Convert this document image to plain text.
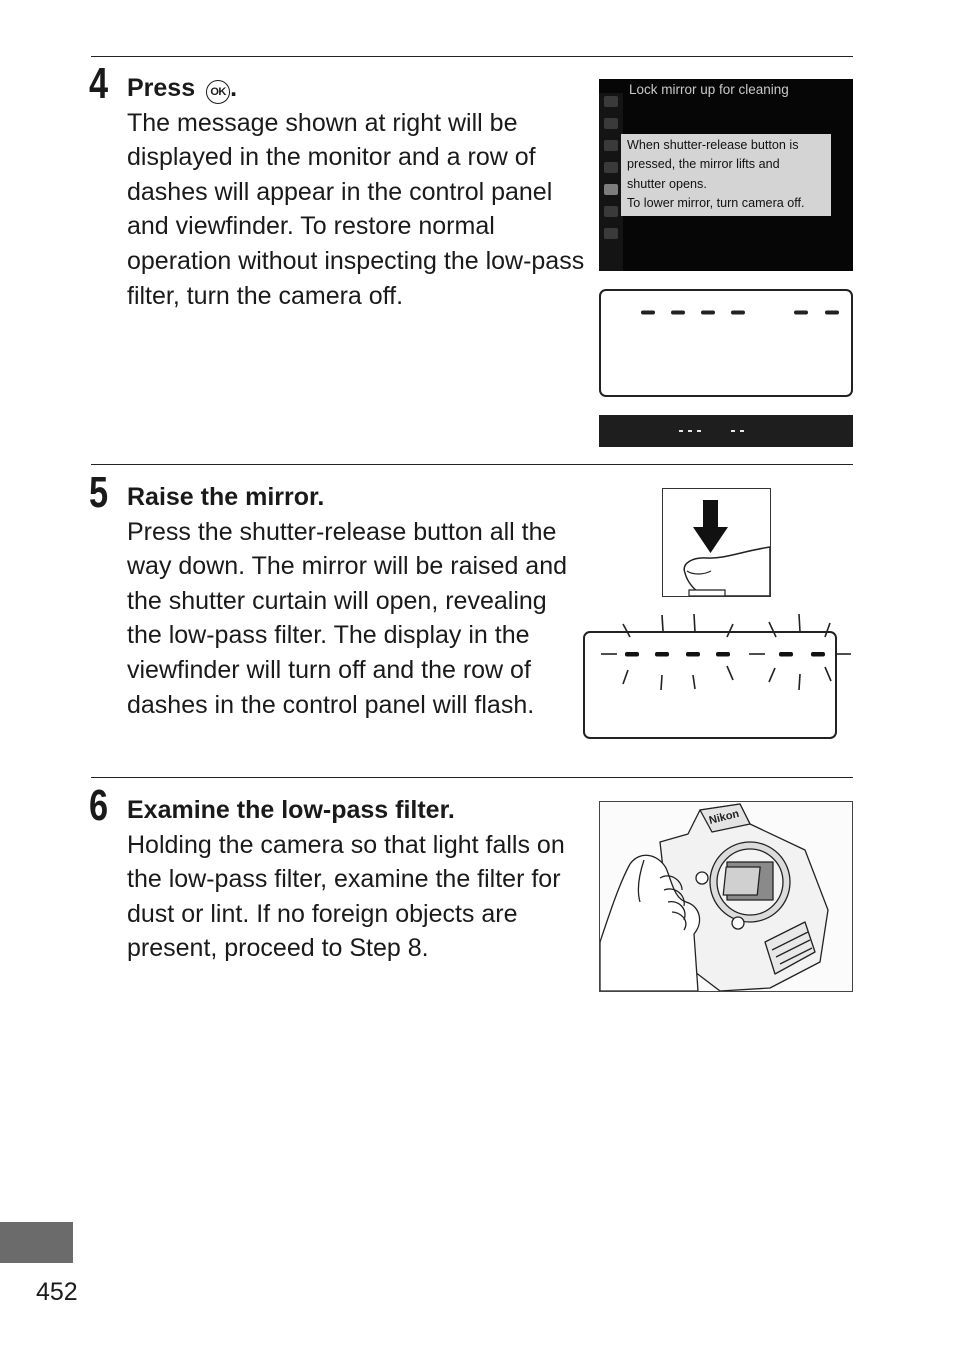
4 Press OK .
The message shown at right will be displayed in the monitor and a row of dashes will appear in the control panel and viewfinder. To restore normal operation without inspecting the low-pass filter, turn the camera off.
Lock mirror up for cleaning
When shutter-release button is
pressed, the mirror lifts and
shutter opens.
To lower mirror, turn camera off.
5 Raise the mirror.
Press the shutter-release button all the way down. The mirror will be raised and the shutter curtain will open, revealing the low-pass filter. The display in the viewfinder will turn off and the row of dashes in the control panel will flash.
6 Examine the low-pass filter.
Holding the camera so that light falls on the low-pass filter, examine the filter for dust or lint. If no foreign objects are present, proceed to Step 8.
Nikon
452
